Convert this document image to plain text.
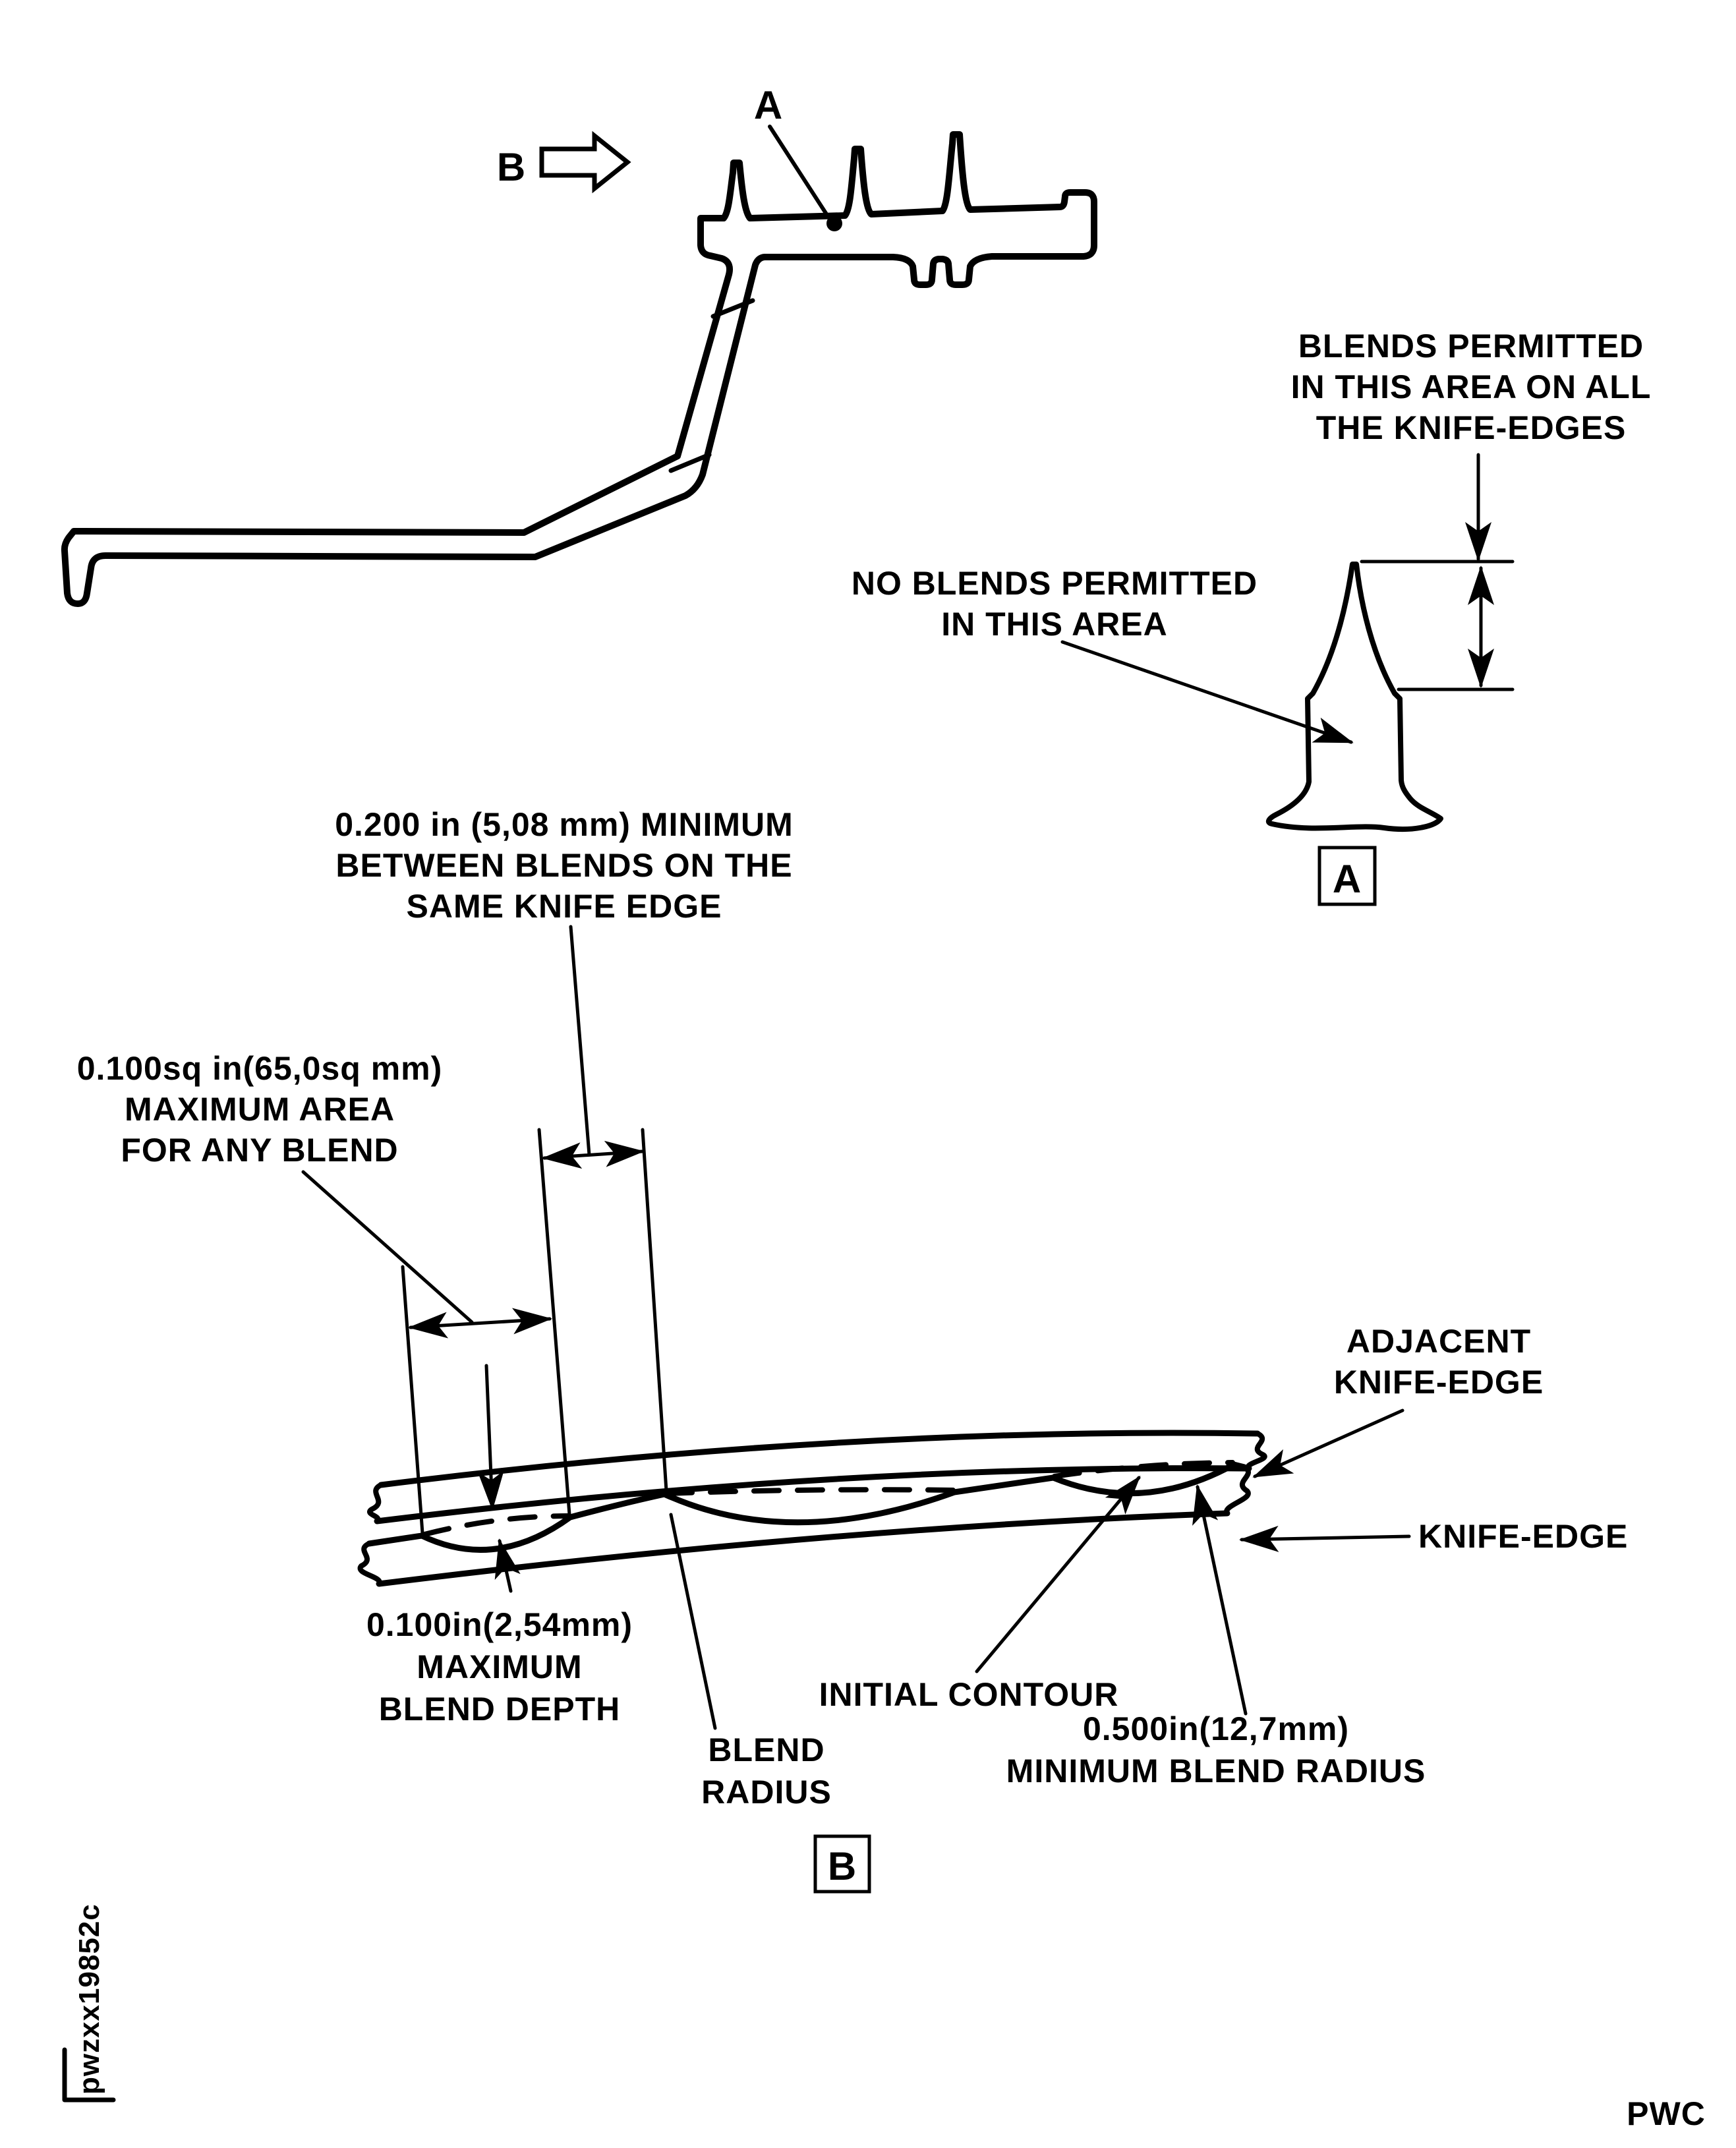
A
B
BLENDS PERMITTED
IN THIS AREA ON ALL
THE KNIFE-EDGES
NO BLENDS PERMITTED
IN THIS AREA
A
0.200 in (5,08 mm) MINIMUM
BETWEEN BLENDS ON THE
SAME KNIFE EDGE
0.100sq in(65,0sq mm)
MAXIMUM AREA
FOR ANY BLEND
ADJACENT
KNIFE-EDGE
KNIFE-EDGE
INITIAL CONTOUR
0.100in(2,54mm)
MAXIMUM
BLEND DEPTH
BLEND
RADIUS
0.500in(12,7mm)
MINIMUM BLEND RADIUS
B
pwzxx19852c
PWC
